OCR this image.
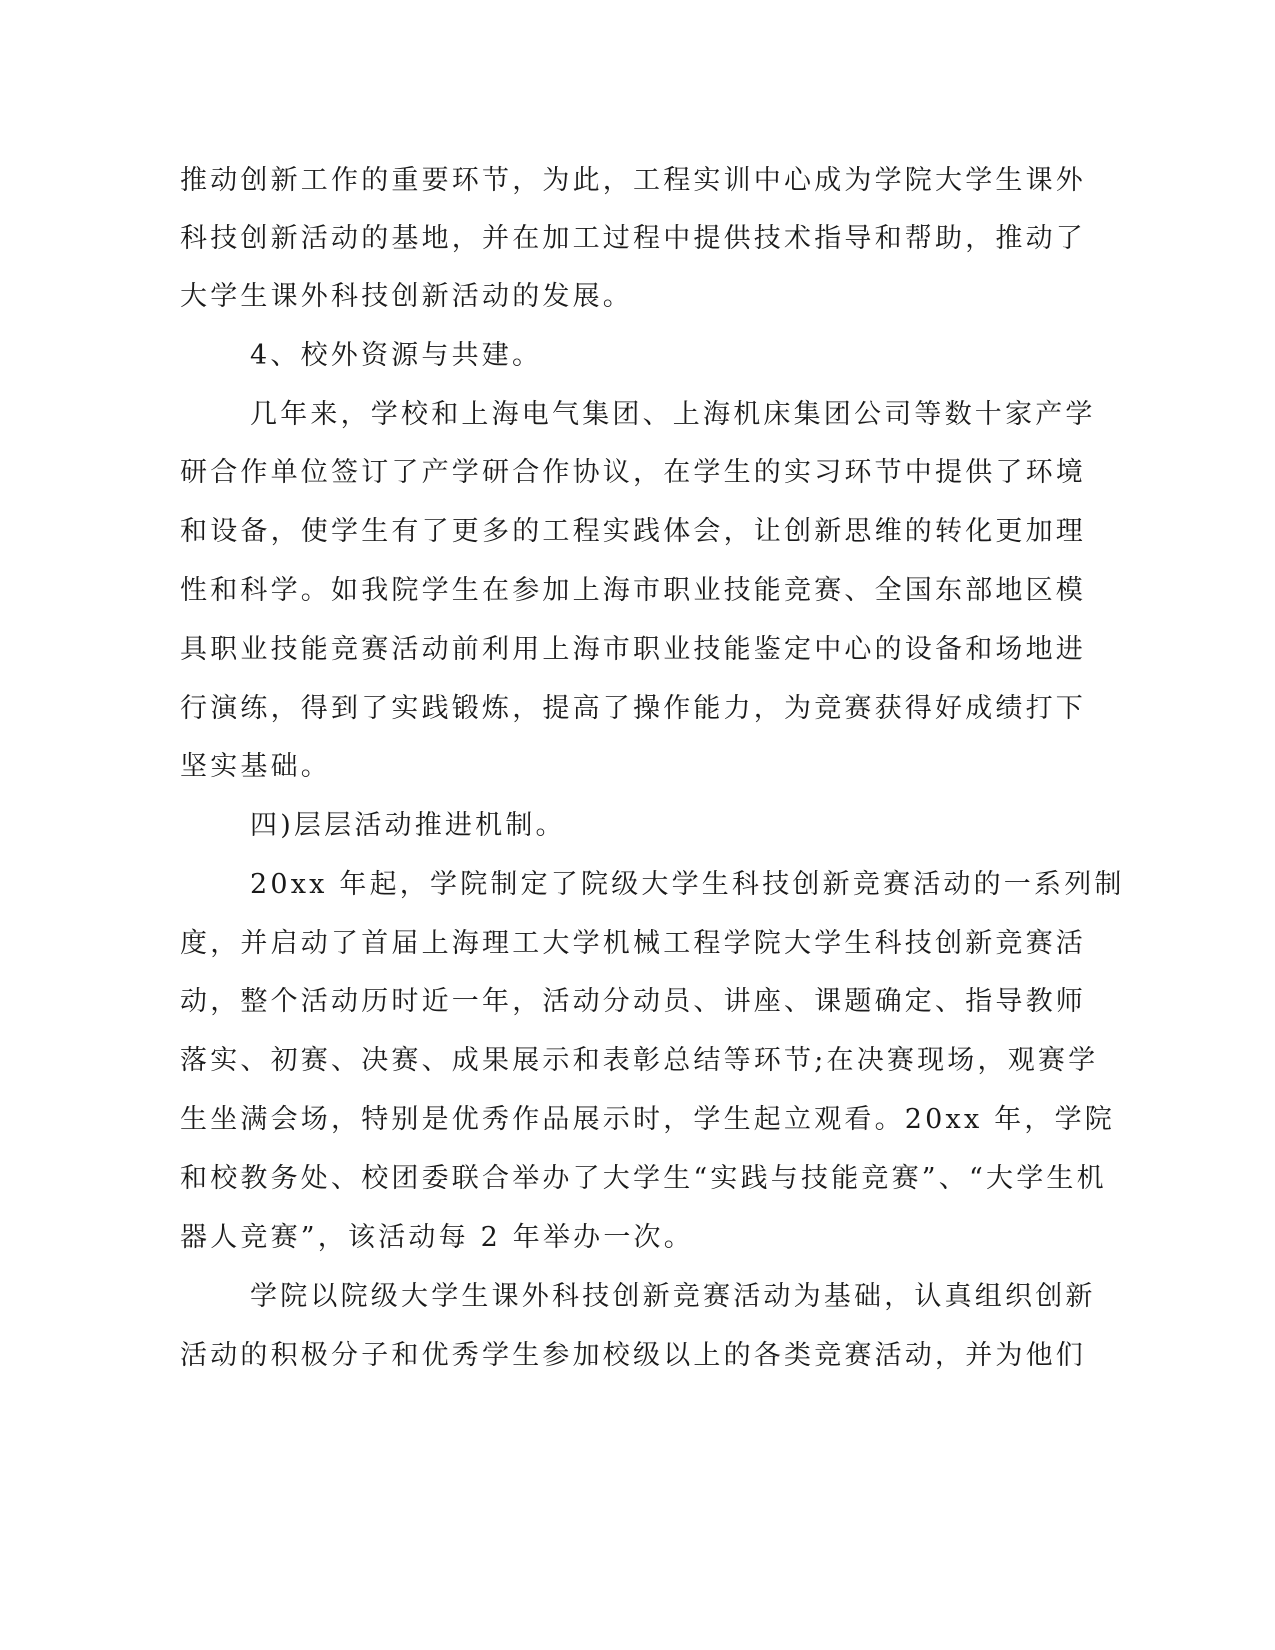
推动创新工作的重要环节，为此，工程实训中心成为学院大学生课外
科技创新活动的基地，并在加工过程中提供技术指导和帮助，推动了
大学生课外科技创新活动的发展。
4、校外资源与共建。
几年来，学校和上海电气集团、上海机床集团公司等数十家产学
研合作单位签订了产学研合作协议，在学生的实习环节中提供了环境
和设备，使学生有了更多的工程实践体会，让创新思维的转化更加理
性和科学。如我院学生在参加上海市职业技能竞赛、全国东部地区模
具职业技能竞赛活动前利用上海市职业技能鉴定中心的设备和场地进
行演练，得到了实践锻炼，提高了操作能力，为竞赛获得好成绩打下
坚实基础。
四)层层活动推进机制。
20xx 年起，学院制定了院级大学生科技创新竞赛活动的一系列制
度，并启动了首届上海理工大学机械工程学院大学生科技创新竞赛活
动，整个活动历时近一年，活动分动员、讲座、课题确定、指导教师
落实、初赛、决赛、成果展示和表彰总结等环节;在决赛现场，观赛学
生坐满会场，特别是优秀作品展示时，学生起立观看。20xx 年，学院
和校教务处、校团委联合举办了大学生“实践与技能竞赛”、“大学生机
器人竞赛”，该活动每 2 年举办一次。
学院以院级大学生课外科技创新竞赛活动为基础，认真组织创新
活动的积极分子和优秀学生参加校级以上的各类竞赛活动，并为他们
